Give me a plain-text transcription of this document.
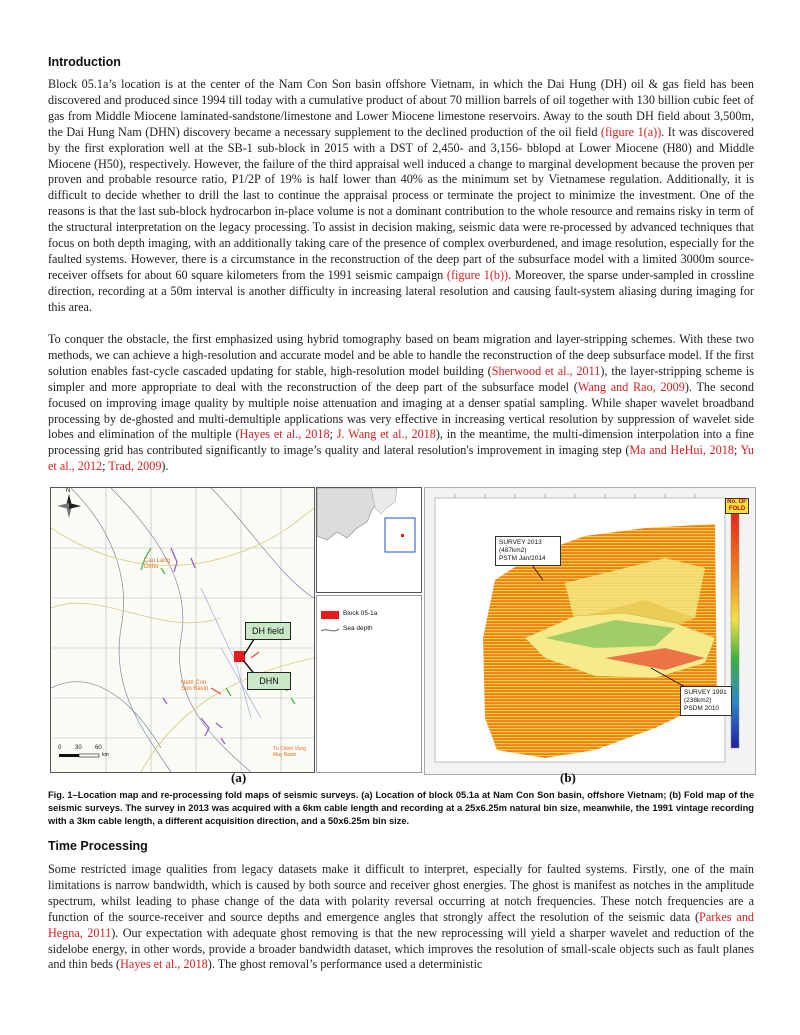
Introduction

Block 05.1a’s location is at the center of the Nam Con Son basin offshore Vietnam, in which the Dai Hung (DH) oil & gas field has been discovered and produced since 1994 till today with a cumulative product of about 70 million barrels of oil together with 130 billion cubic feet of gas from Middle Miocene laminated-sandstone/limestone and Lower Miocene limestone reservoirs. Away to the south DH field about 3,500m, the Dai Hung Nam (DHN) discovery became a necessary supplement to the declined production of the oil field (figure 1(a)). It was discovered by the first exploration well at the SB-1 sub-block in 2015 with a DST of 2,450- and 3,156- bblopd at Lower Miocene (H80) and Middle Miocene (H50), respectively. However, the failure of the third appraisal well induced a change to marginal development because the proven per proven and probable resource ratio, P1/2P of 19% is half lower than 40% as the minimum set by Vietnamese regulation. Additionally, it is difficult to decide whether to drill the last to continue the appraisal process or terminate the project to minimize the investment. One of the reasons is that the last sub-block hydrocarbon in-place volume is not a dominant contribution to the whole resource and remains risky in term of the structural interpretation on the legacy processing. To assist in decision making, seismic data were re-processed by advanced techniques that focus on both depth imaging, with an additionally taking care of the presence of complex overburdened, and image resolution, especially for the faulted systems. However, there is a circumstance in the reconstruction of the deep part of the subsurface model with a limited 3000m source-receiver offsets for about 60 square kilometers from the 1991 seismic campaign (figure 1(b)). Moreover, the sparse under-sampled in crossline direction, recording at a 50m interval is another difficulty in increasing lateral resolution and causing fault-system aliasing during imaging for this area.

To conquer the obstacle, the first emphasized using hybrid tomography based on beam migration and layer-stripping schemes. With these two methods, we can achieve a high-resolution and accurate model and be able to handle the reconstruction of the deep subsurface model. If the first solution enables fast-cycle cascaded updating for stable, high-resolution model building (Sherwood et al., 2011), the layer-stripping scheme is simpler and more appropriate to deal with the reconstruction of the deep part of the subsurface model (Wang and Rao, 2009). The second focused on improving image quality by multiple noise attenuation and imaging at a denser spatial sampling. While shaper wavelet broadband processing by de-ghosted and multi-demultiple applications was very effective in increasing vertical resolution by suppression of wavelet side lobes and elimination of the multiple (Hayes et al., 2018; J. Wang et al., 2018), in the meantime, the multi-dimension interpolation into a fine processing grid has contributed significantly to image’s quality and lateral resolution's improvement in imaging step (Ma and HeHui, 2018; Yu et al., 2012; Trad, 2009).

N
Cau Lang Dehu
Nam Con Son Basin
Tu Chinh Vung May Basin
DH field
DHN
0 30 60
km
Block 05-1a
Sea depth
No. OF FOLD
SURVEY 2013
(487km2)
PSTM Jan/2014
SURVEY 1991
(238km2)
PSDM 2010
(a)	(b)

Fig. 1–Location map and re-processing fold maps of seismic surveys. (a) Location of block 05.1a at Nam Con Son basin, offshore Vietnam; (b) Fold map of the seismic surveys. The survey in 2013 was acquired with a 6km cable length and recording at a 25x6.25m natural bin size, meanwhile, the 1991 vintage recording with a 3km cable length, a different acquisition direction, and a 50x6.25m bin size.

Time Processing

Some restricted image qualities from legacy datasets make it difficult to interpret, especially for faulted systems. Firstly, one of the main limitations is narrow bandwidth, which is caused by both source and receiver ghost energies. The ghost is manifest as notches in the amplitude spectrum, whilst leading to phase change of the data with polarity reversal occurring at notch frequencies. These notch frequencies are a function of the source-receiver and source depths and emergence angles that strongly affect the resolution of the seismic data (Parkes and Hegna, 2011). Our expectation with adequate ghost removing is that the new reprocessing will yield a sharper wavelet and reduction of the sidelobe energy, in other words, provide a broader bandwidth dataset, which improves the resolution of small-scale objects such as fault planes and thin beds (Hayes et al., 2018). The ghost removal’s performance used a deterministic
